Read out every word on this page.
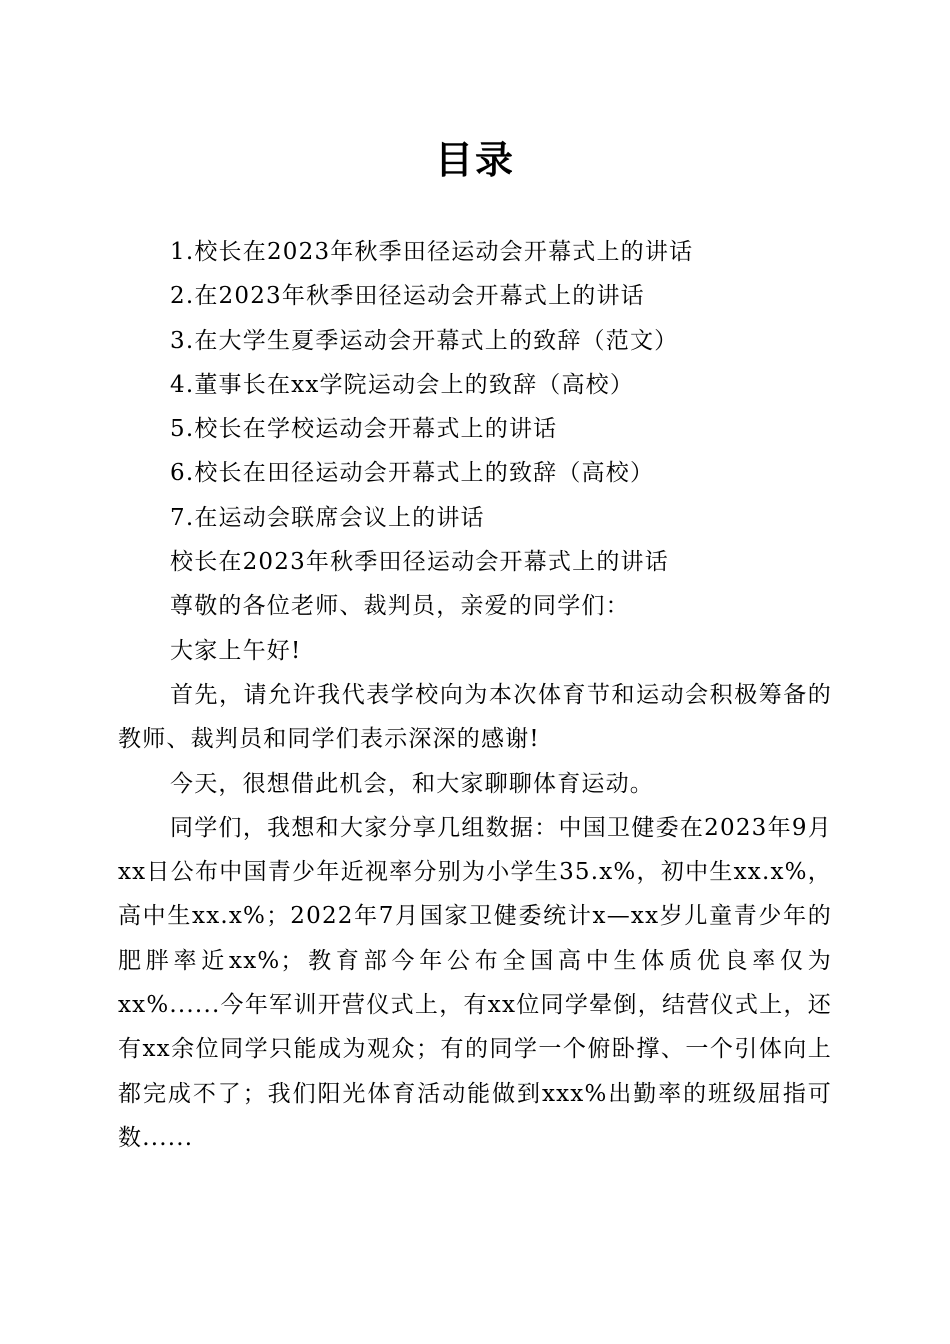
目录

1.校长在2023年秋季田径运动会开幕式上的讲话

2.在2023年秋季田径运动会开幕式上的讲话

3.在大学生夏季运动会开幕式上的致辞（范文）

4.董事长在xx学院运动会上的致辞（高校）

5.校长在学校运动会开幕式上的讲话

6.校长在田径运动会开幕式上的致辞（高校）

7.在运动会联席会议上的讲话

校长在2023年秋季田径运动会开幕式上的讲话

尊敬的各位老师、裁判员，亲爱的同学们：

大家上午好!

首先，请允许我代表学校向为本次体育节和运动会积极筹备的教师、裁判员和同学们表示深深的感谢!

今天，很想借此机会，和大家聊聊体育运动。

同学们，我想和大家分享几组数据：中国卫健委在2023年9月xx日公布中国青少年近视率分别为小学生35.x%，初中生xx.x%，高中生xx.x%；2022年7月国家卫健委统计x—xx岁儿童青少年的肥胖率近xx%；教育部今年公布全国高中生体质优良率仅为xx%......今年军训开营仪式上，有xx位同学晕倒，结营仪式上，还有xx余位同学只能成为观众；有的同学一个俯卧撑、一个引体向上都完成不了；我们阳光体育活动能做到xxx%出勤率的班级屈指可数......
